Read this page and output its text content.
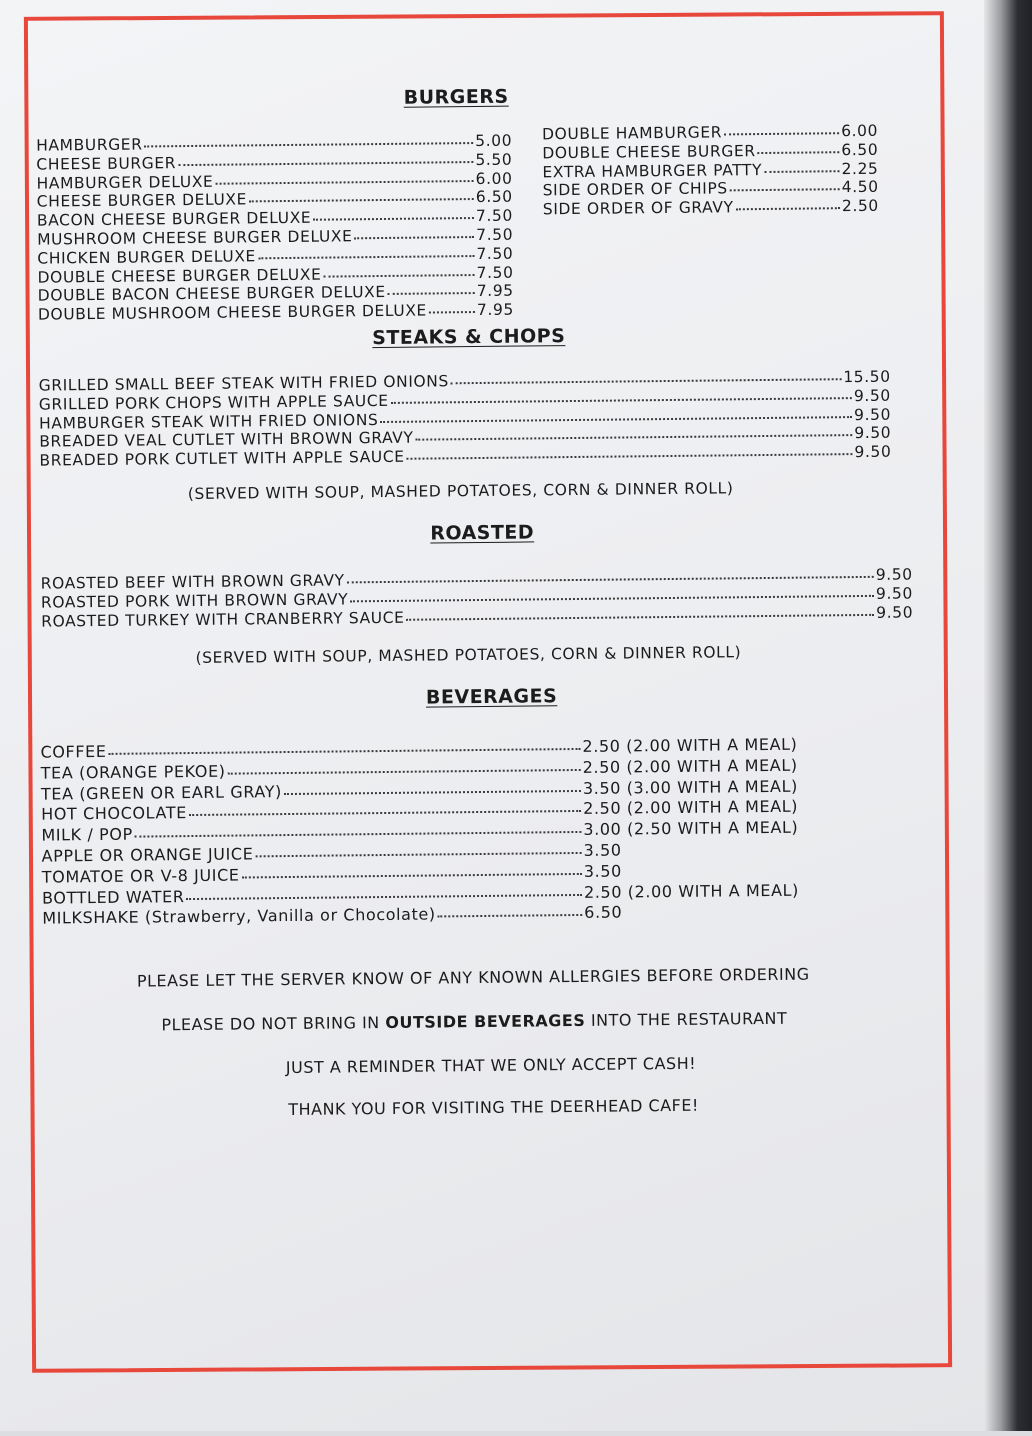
BURGERS
HAMBURGER	5.00
CHEESE BURGER	5.50
HAMBURGER DELUXE	6.00
CHEESE BURGER DELUXE	6.50
BACON CHEESE BURGER DELUXE	7.50
MUSHROOM CHEESE BURGER DELUXE	7.50
CHICKEN BURGER DELUXE	7.50
DOUBLE CHEESE BURGER DELUXE	7.50
DOUBLE BACON CHEESE BURGER DELUXE	7.95
DOUBLE MUSHROOM CHEESE BURGER DELUXE	7.95
DOUBLE HAMBURGER	6.00
DOUBLE CHEESE BURGER	6.50
EXTRA HAMBURGER PATTY	2.25
SIDE ORDER OF CHIPS	4.50
SIDE ORDER OF GRAVY	2.50
STEAKS & CHOPS
GRILLED SMALL BEEF STEAK WITH FRIED ONIONS	15.50
GRILLED PORK CHOPS WITH APPLE SAUCE	9.50
HAMBURGER STEAK WITH FRIED ONIONS	9.50
BREADED VEAL CUTLET WITH BROWN GRAVY	9.50
BREADED PORK CUTLET WITH APPLE SAUCE	9.50
(SERVED WITH SOUP, MASHED POTATOES, CORN & DINNER ROLL)
ROASTED
ROASTED BEEF WITH BROWN GRAVY	9.50
ROASTED PORK WITH BROWN GRAVY	9.50
ROASTED TURKEY WITH CRANBERRY SAUCE	9.50
(SERVED WITH SOUP, MASHED POTATOES, CORN & DINNER ROLL)
BEVERAGES
COFFEE	2.50 (2.00 WITH A MEAL)
TEA (ORANGE PEKOE)	2.50 (2.00 WITH A MEAL)
TEA (GREEN OR EARL GRAY)	3.50 (3.00 WITH A MEAL)
HOT CHOCOLATE	2.50 (2.00 WITH A MEAL)
MILK / POP	3.00 (2.50 WITH A MEAL)
APPLE OR ORANGE JUICE	3.50
TOMATOE OR V-8 JUICE	3.50
BOTTLED WATER	2.50 (2.00 WITH A MEAL)
MILKSHAKE (Strawberry, Vanilla or Chocolate)	6.50
PLEASE LET THE SERVER KNOW OF ANY KNOWN ALLERGIES BEFORE ORDERING
PLEASE DO NOT BRING IN OUTSIDE BEVERAGES INTO THE RESTAURANT
JUST A REMINDER THAT WE ONLY ACCEPT CASH!
THANK YOU FOR VISITING THE DEERHEAD CAFE!
